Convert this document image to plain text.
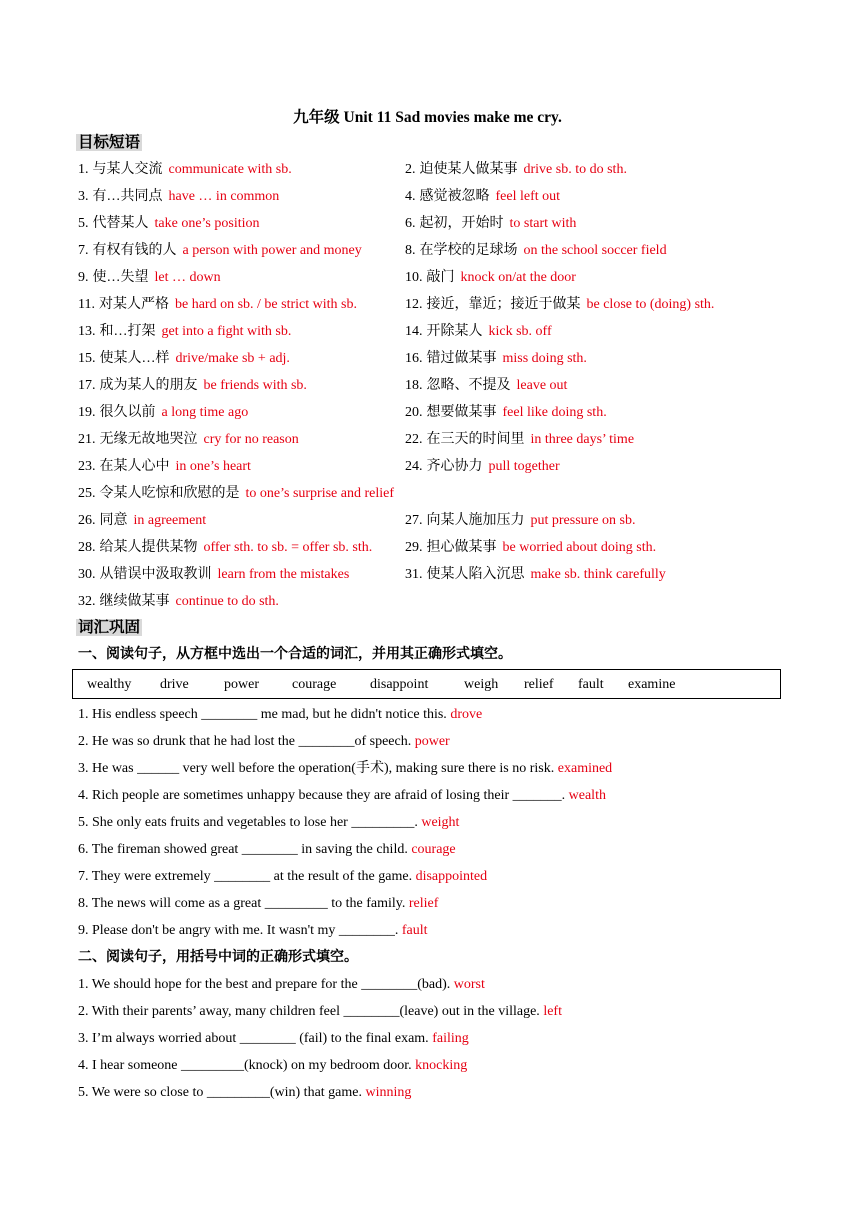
九年级 Unit 11 Sad movies make me cry.
目标短语
1. 与某人交流 communicate with sb.	2. 迫使某人做某事 drive sb. to do sth.
3. 有…共同点 have … in common	4. 感觉被忽略 feel left out
5. 代替某人 take one’s position	6. 起初，开始时 to start with
7. 有权有钱的人 a person with power and money	8. 在学校的足球场 on the school soccer field
9. 使…失望 let … down	10. 敲门 knock on/at the door
11. 对某人严格 be hard on sb. / be strict with sb.	12. 接近，靠近；接近于做某 be close to (doing) sth.
13. 和…打架 get into a fight with sb.	14. 开除某人 kick sb. off
15. 使某人…样 drive/make sb + adj.	16. 错过做某事 miss doing sth.
17. 成为某人的朋友 be friends with sb.	18. 忽略、不提及 leave out
19. 很久以前 a long time ago	20. 想要做某事 feel like doing sth.
21. 无缘无故地哭泣 cry for no reason	22. 在三天的时间里 in three days’ time
23. 在某人心中 in one’s heart	24. 齐心协力 pull together
25. 令某人吃惊和欣慰的是 to one’s surprise and relief
26. 同意 in agreement	27. 向某人施加压力 put pressure on sb.
28. 给某人提供某物 offer sth. to sb. = offer sb. sth.	29. 担心做某事 be worried about doing sth.
30. 从错误中汲取教训 learn from the mistakes	31. 使某人陷入沉思 make sb. think carefully
32. 继续做某事 continue to do sth.
词汇巩固
一、阅读句子，从方框中选出一个合适的词汇，并用其正确形式填空。
wealthy	drive	power	courage	disappoint	weigh	relief	fault	examine
1. His endless speech ________ me mad, but he didn't notice this. drove
2. He was so drunk that he had lost the ________of speech. power
3. He was ______ very well before the operation(手术), making sure there is no risk. examined
4. Rich people are sometimes unhappy because they are afraid of losing their _______. wealth
5. She only eats fruits and vegetables to lose her _________. weight
6. The fireman showed great ________ in saving the child. courage
7. They were extremely ________ at the result of the game. disappointed
8. The news will come as a great _________ to the family. relief
9. Please don't be angry with me. It wasn't my ________. fault
二、阅读句子，用括号中词的正确形式填空。
1. We should hope for the best and prepare for the ________(bad). worst
2. With their parents’ away, many children feel ________(leave) out in the village. left
3. I’m always worried about ________ (fail) to the final exam. failing
4. I hear someone _________(knock) on my bedroom door. knocking
5. We were so close to _________(win) that game. winning
